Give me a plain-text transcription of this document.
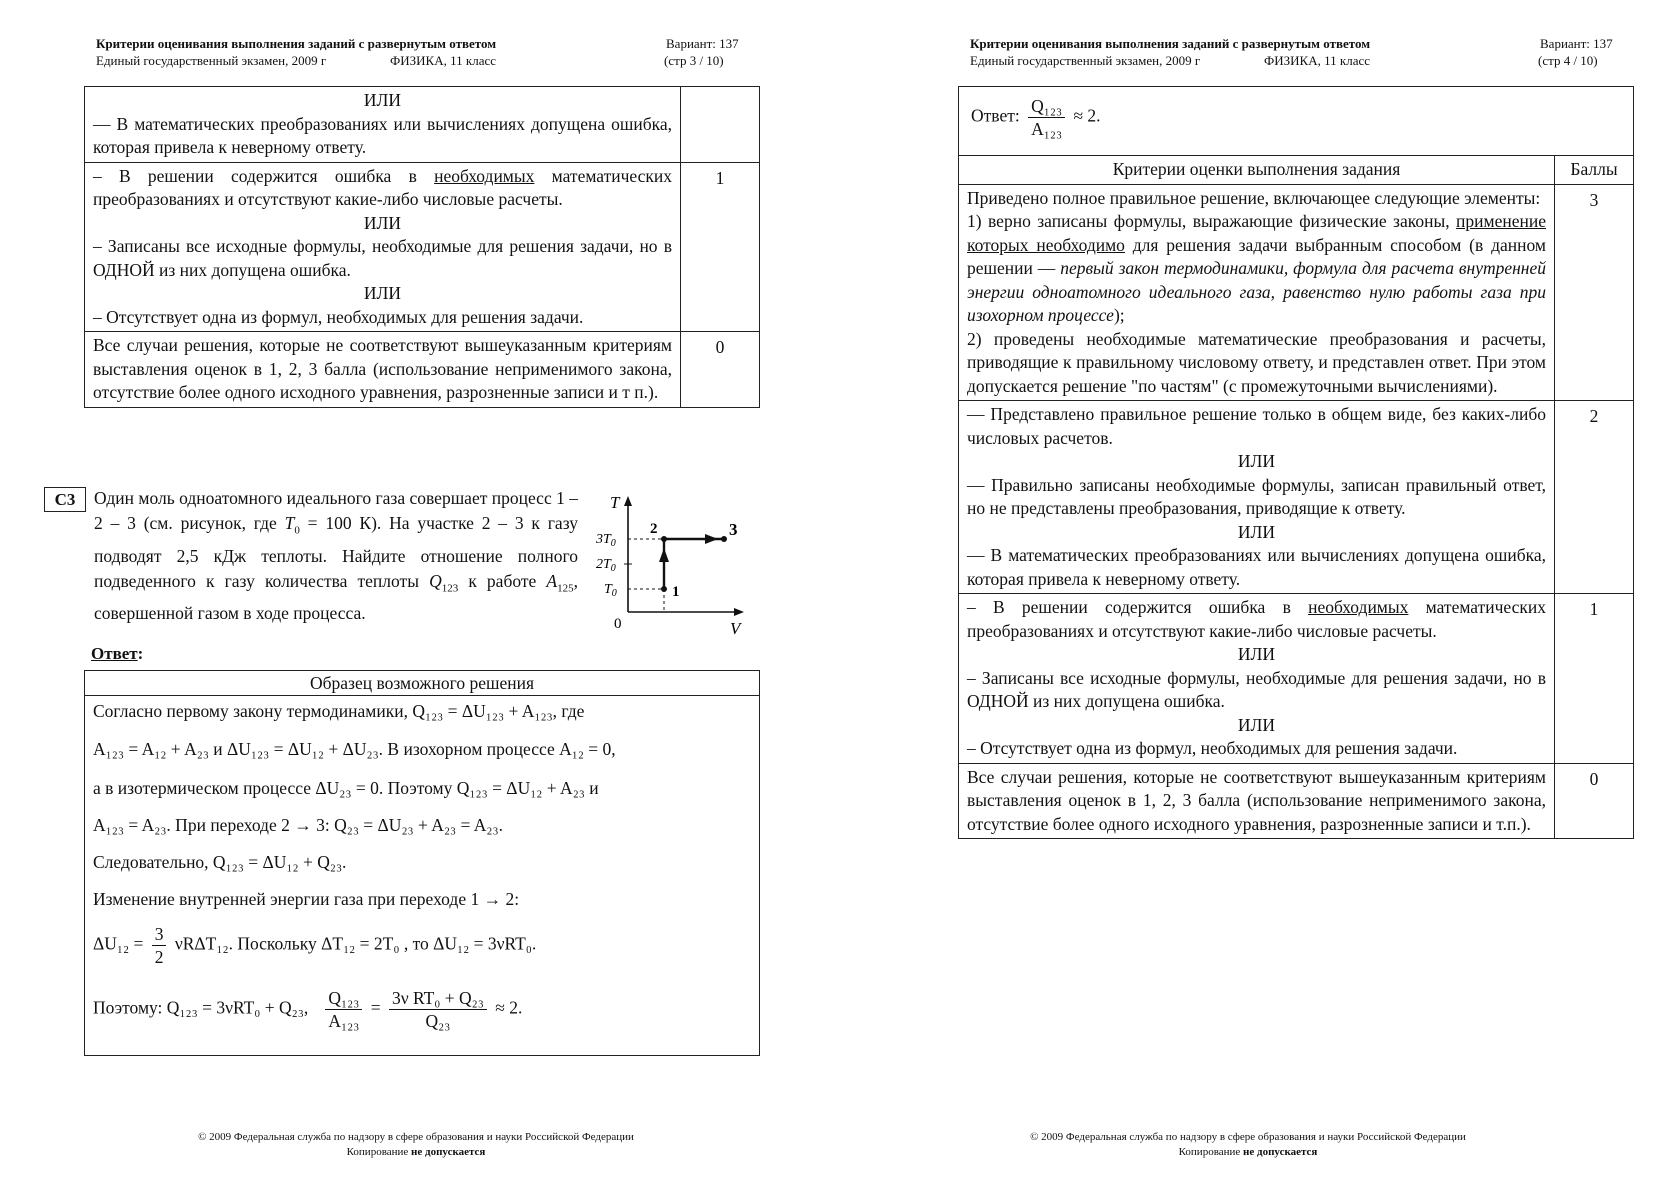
Критерии оценивания выполнения заданий с развернутым ответом
Единый государственный экзамен, 2009 г	ФИЗИКА, 11 класс
Вариант: 137
(стр 3 / 10)
ИЛИ
— В математических преобразованиях или вычислениях допущена ошибка, которая привела к неверному ответу.	

– В решении содержится ошибка в необходимых математических преобразованиях и отсутствуют какие-либо числовые расчеты.
ИЛИ
– Записаны все исходные формулы, необходимые для решения задачи, но в ОДНОЙ из них допущена ошибка.
ИЛИ
– Отсутствует одна из формул, необходимых для решения задачи.	1
Все случаи решения, которые не соответствуют вышеуказанным критериям выставления оценок в 1, 2, 3 балла (использование неприменимого закона, отсутствие более одного исходного уравнения, разрозненные записи и т п.).	0
С3	Один моль одноатомного идеального газа совершает процесс 1 – 2 – 3 (см. рисунок, где $T_0 = 100$ К). На участке 2 – 3 к газу подводят 2,5 кДж теплоты. Найдите отношение полного подведенного к газу количества теплоты $Q_{123}$ к работе $A_{125}$, совершенной газом в ходе процесса.
T
V
0
$3T_0$
$2T_0$
$T_0$	1
2	3
Ответ:
Образец возможного решения
Согласно первому закону термодинамики, Q₁₂₃ = ΔU₁₂₃ + A₁₂₃, где
A₁₂₃ = A₁₂ + A₂₃ и ΔU₁₂₃ = ΔU₁₂ + ΔU₂₃. В изохорном процессе A₁₂ = 0,
а в изотермическом процессе ΔU₂₃ = 0. Поэтому Q₁₂₃ = ΔU₁₂ + A₂₃ и
A₁₂₃ = A₂₃. При переходе 2 → 3: Q₂₃ = ΔU₂₃ + A₂₃ = A₂₃.
Следовательно, Q₁₂₃ = ΔU₁₂ + Q₂₃.
Изменение внутренней энергии газа при переходе 1 → 2:
$\Delta U_{12} = \frac{3}{2} \nu R\Delta T_{12}$. Поскольку ΔT₁₂ = 2T₀ , то ΔU₁₂ = 3νRT₀.
Поэтому: Q₁₂₃ = 3νRT₀ + Q₂₃, $\frac{\text{Q₁₂₃}}{\text{A₁₂₃}} = \frac{\text{3ν RT₀ + Q₂₃}}{\text{Q₂₃}} \approx 2$.
© 2009 Федеральная служба по надзору в сфере образования и науки Российской Федерации
Копирование не допускается
Критерии оценивания выполнения заданий с развернутым ответом
Единый государственный экзамен, 2009 г	ФИЗИКА, 11 класс
Вариант: 137
(стр 4 / 10)
Ответ: $\frac{\text{Q₁₂₃}}{\text{A₁₂₃}} \approx 2$.
Критерии оценки выполнения задания	Баллы

Приведено полное правильное решение, включающее следующие элементы:
1) верно записаны формулы, выражающие физические законы, применение которых необходимо для решения задачи выбранным способом (в данном решении — первый закон термодинамики, формула для расчета внутренней энергии одноатомного идеального газа, равенство нулю работы газа при изохорном процессе);
2) проведены необходимые математические преобразования и расчеты, приводящие к правильному числовому ответу, и представлен ответ. При этом допускается решение "по частям" (с промежуточными вычислениями).	3

— Представлено правильное решение только в общем виде, без каких-либо числовых расчетов.
ИЛИ
— Правильно записаны необходимые формулы, записан правильный ответ, но не представлены преобразования, приводящие к ответу.
ИЛИ
— В математических преобразованиях или вычислениях допущена ошибка, которая привела к неверному ответу.	2

– В решении содержится ошибка в необходимых математических преобразованиях и отсутствуют какие-либо числовые расчеты.
ИЛИ
– Записаны все исходные формулы, необходимые для решения задачи, но в ОДНОЙ из них допущена ошибка.
ИЛИ
– Отсутствует одна из формул, необходимых для решения задачи.	1
Все случаи решения, которые не соответствуют вышеуказанным критериям выставления оценок в 1, 2, 3 балла (использование неприменимого закона, отсутствие более одного исходного уравнения, разрозненные записи и т.п.).	0
© 2009 Федеральная служба по надзору в сфере образования и науки Российской Федерации
Копирование не допускается
